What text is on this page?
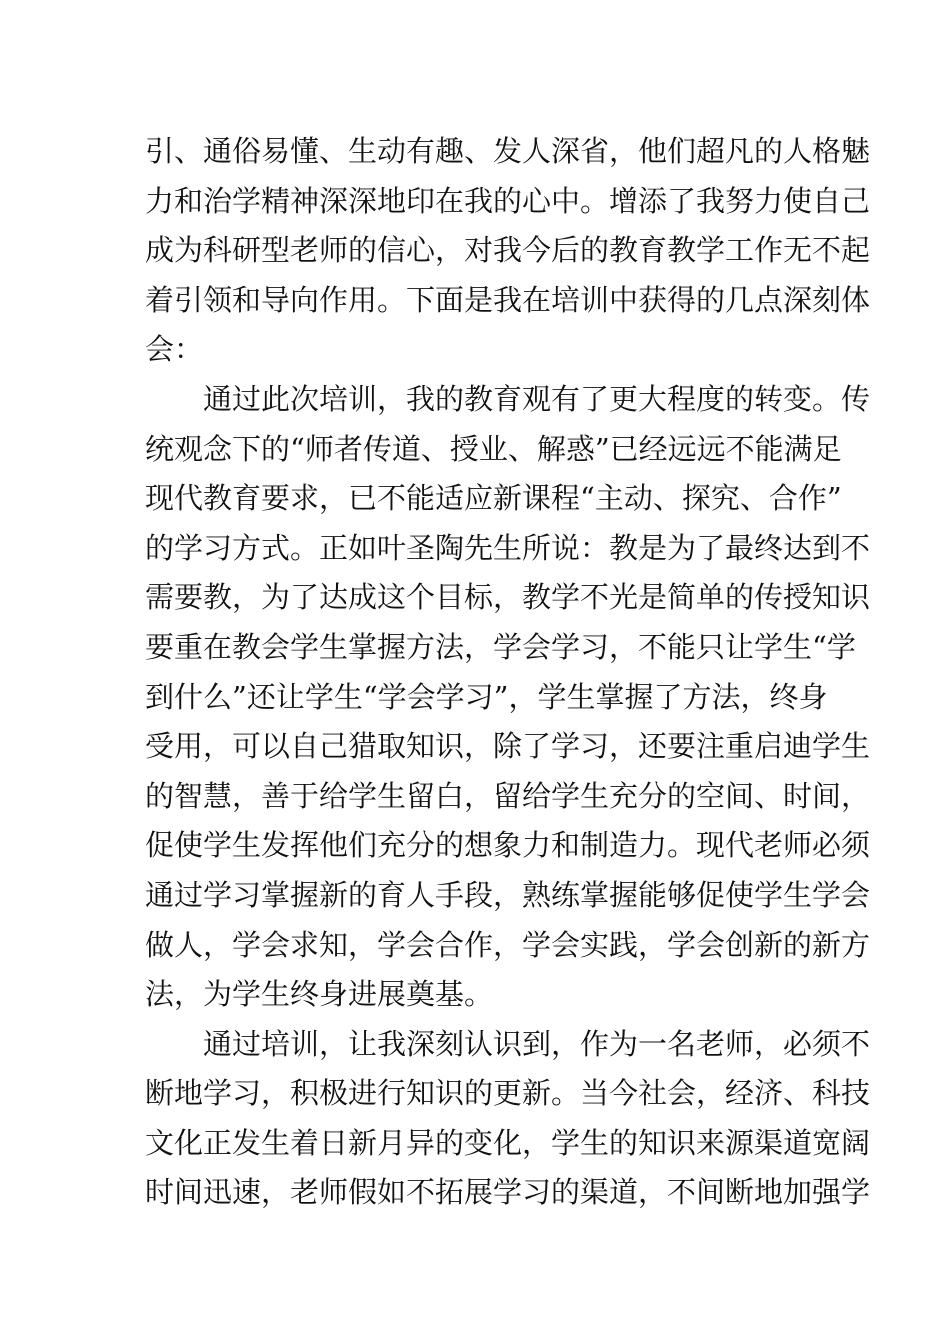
引、通俗易懂、生动有趣、发人深省，他们超凡的人格魅
力和治学精神深深地印在我的心中。增添了我努力使自己
成为科研型老师的信心，对我今后的教育教学工作无不起
着引领和导向作用。下面是我在培训中获得的几点深刻体
会：
通过此次培训，我的教育观有了更大程度的转变。传
统观念下的“师者传道、授业、解惑”已经远远不能满足
现代教育要求，已不能适应新课程“主动、探究、合作”
的学习方式。正如叶圣陶先生所说：教是为了最终达到不
需要教，为了达成这个目标，教学不光是简单的传授知识
要重在教会学生掌握方法，学会学习，不能只让学生“学
到什么”还让学生“学会学习”，学生掌握了方法，终身
受用，可以自己猎取知识，除了学习，还要注重启迪学生
的智慧，善于给学生留白，留给学生充分的空间、时间，
促使学生发挥他们充分的想象力和制造力。现代老师必须
通过学习掌握新的育人手段，熟练掌握能够促使学生学会
做人，学会求知，学会合作，学会实践，学会创新的新方
法，为学生终身进展奠基。
通过培训，让我深刻认识到，作为一名老师，必须不
断地学习，积极进行知识的更新。当今社会，经济、科技
文化正发生着日新月异的变化，学生的知识来源渠道宽阔
时间迅速，老师假如不拓展学习的渠道，不间断地加强学
